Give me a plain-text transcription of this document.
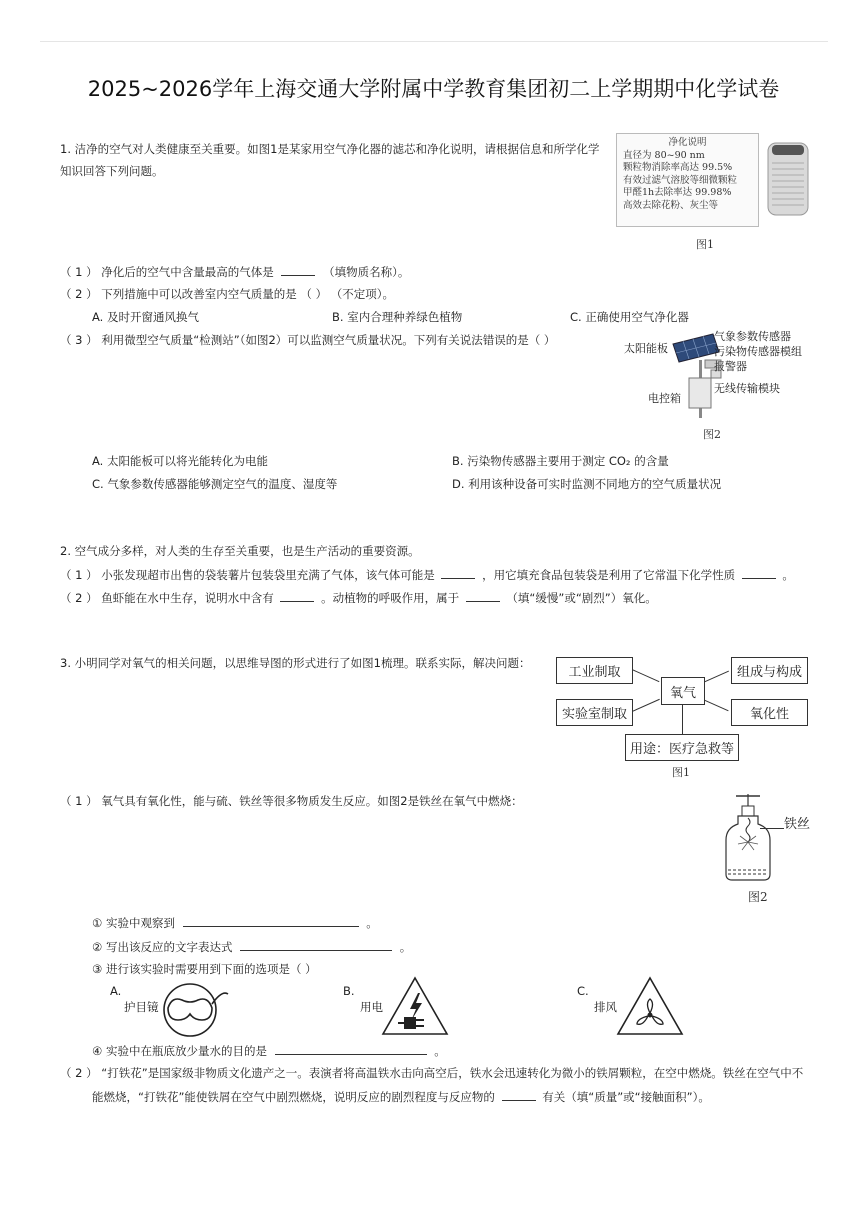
2025~2026学年上海交通大学附属中学教育集团初二上学期期中化学试卷
1. 洁净的空气对人类健康至关重要。如图1是某家用空气净化器的滤芯和净化说明，请根据信息和所学化学知识回答下列问题。
净化说明
直径为 80~90 nm
颗粒物消除率高达 99.5%
有效过滤气溶胶等细微颗粒
甲醛1h去除率达 99.98%
高效去除花粉、灰尘等
图1
（ 1 ） 净化后的空气中含量最高的气体是	（填物质名称）。
（ 2 ） 下列措施中可以改善室内空气质量的是 （ ） （不定项）。
A. 及时开窗通风换气	B. 室内合理种养绿色植物	C. 正确使用空气净化器
（ 3 ） 利用微型空气质量“检测站”（如图2）可以监测空气质量状况。下列有关说法错误的是（ ）
太阳能板
气象参数传感器
污染物传感器模组
报警器
无线传输模块
电控箱
图2
A. 太阳能板可以将光能转化为电能	B. 污染物传感器主要用于测定 CO₂ 的含量
C. 气象参数传感器能够测定空气的温度、湿度等	D. 利用该种设备可实时监测不同地方的空气质量状况
2. 空气成分多样，对人类的生存至关重要，也是生产活动的重要资源。
（ 1 ） 小张发现超市出售的袋装薯片包装袋里充满了气体，该气体可能是	，用它填充食品包装袋是利用了它常温下化学性质	。
（ 2 ） 鱼虾能在水中生存，说明水中含有	。动植物的呼吸作用，属于	（填“缓慢”或“剧烈”）氧化。
3. 小明同学对氧气的相关问题，以思维导图的形式进行了如图1梳理。联系实际，解决问题：
工业制取
实验室制取
氧气
组成与构成
氧化性
用途：医疗急救等
图1
（ 1 ） 氧气具有氧化性，能与硫、铁丝等很多物质发生反应。如图2是铁丝在氧气中燃烧：
铁丝
图2
① 实验中观察到	。
② 写出该反应的文字表达式	。
③ 进行该实验时需要用到下面的选项是（ ）
A.
护目镜
B.
用电
C.
排风
④ 实验中在瓶底放少量水的目的是	。
（ 2 ） “打铁花”是国家级非物质文化遗产之一。表演者将高温铁水击向高空后，铁水会迅速转化为微小的铁屑颗粒，在空中燃烧。铁丝在空气中不
能燃烧，“打铁花”能使铁屑在空气中剧烈燃烧，说明反应的剧烈程度与反应物的	有关（填“质量”或“接触面积”）。
